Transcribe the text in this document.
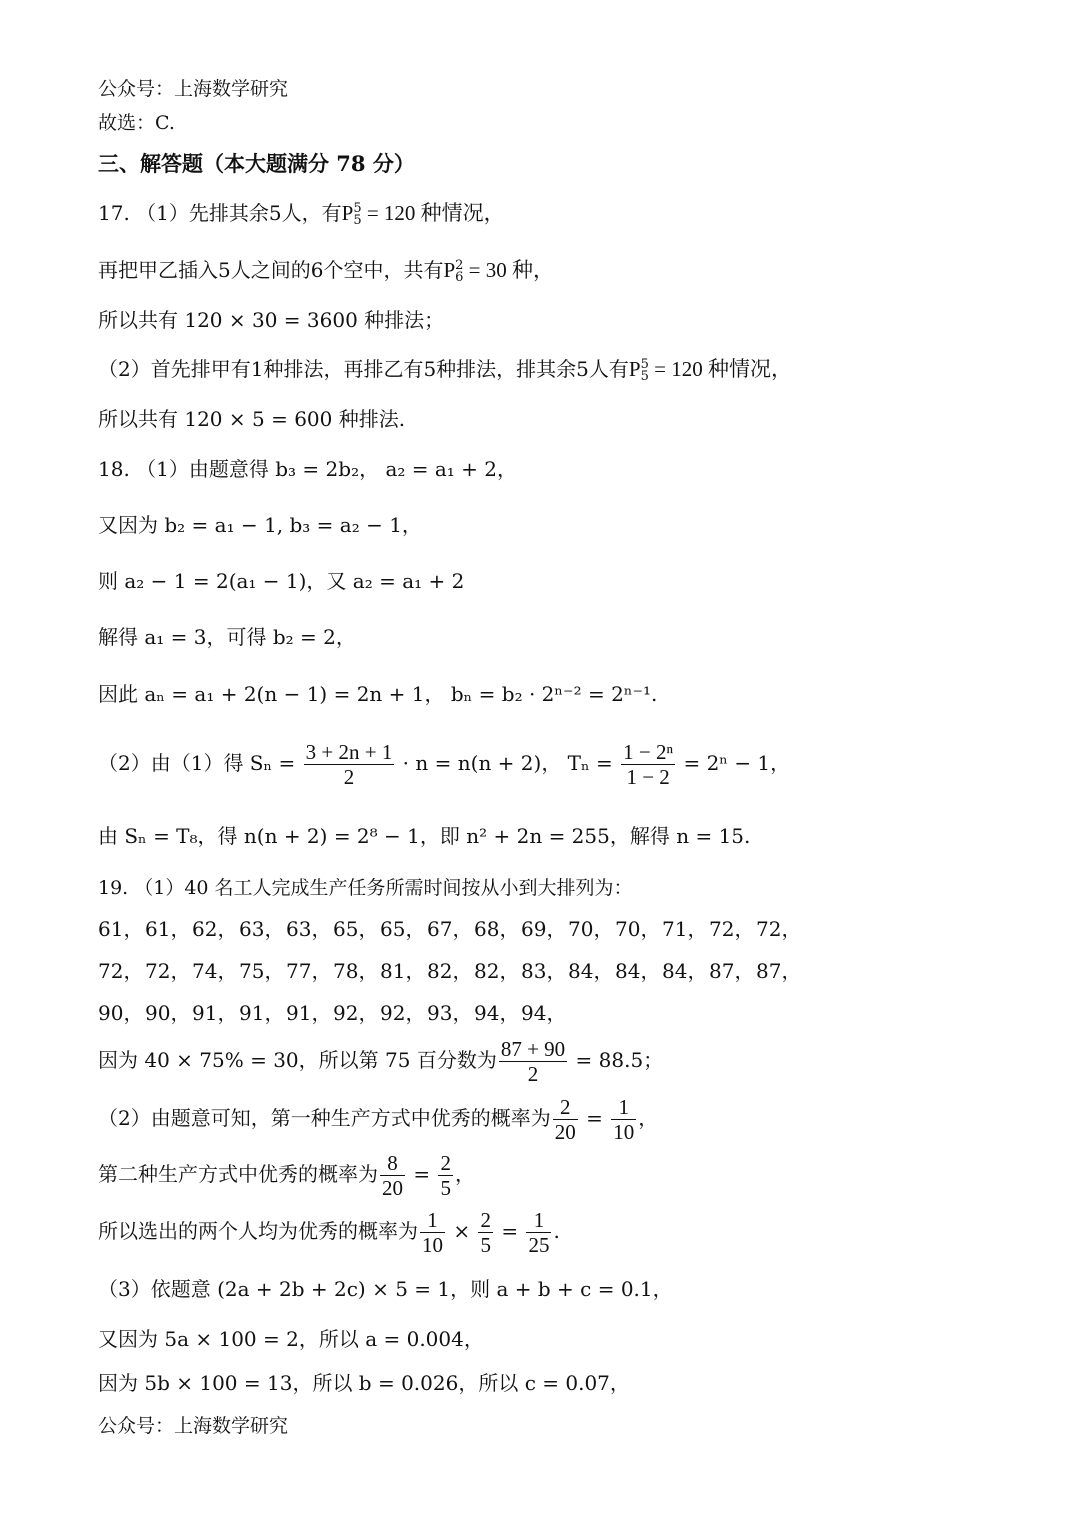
公众号：上海数学研究
故选：C.
三、解答题（本大题满分 78 分）
17. （1）先排其余5人，有P 5
5 = 120 种情况，
再把甲乙插入5人之间的6个空中，共有P 2
6 = 30 种，
所以共有 120 × 30 = 3600 种排法；
（2）首先排甲有1种排法，再排乙有5种排法，排其余5人有P 5
5 = 120 种情况，
所以共有 120 × 5 = 600 种排法.
18. （1）由题意得 b₃ = 2b₂， a₂ = a₁ + 2，
又因为 b₂ = a₁ − 1, b₃ = a₂ − 1，
则 a₂ − 1 = 2(a₁ − 1)，又 a₂ = a₁ + 2
解得 a₁ = 3，可得 b₂ = 2，
因此 aₙ = a₁ + 2(n − 1) = 2n + 1， bₙ = b₂ · 2ⁿ⁻² = 2ⁿ⁻¹.
（2）由（1）得 $S_n = \frac{3 + 2n + 1}{2} \cdot n = n(n + 2)$， $T_n = \frac{\text{1 − 2ⁿ}}{1 - 2} = 2^n - 1$，
由 Sₙ = T₈，得 n(n + 2) = 2⁸ − 1，即 n² + 2n = 255，解得 n = 15.
19. （1）40 名工人完成生产任务所需时间按从小到大排列为：
61，61，62，63，63，65，65，67，68，69，70，70，71，72，72，
72，72，74，75，77，78，81，82，82，83，84，84，84，87，87，
90，90，91，91，91，92，92，93，94，94，
因为 40 × 75% = 30，所以第 75 百分数为 $\frac{87 + 90}{2} = 88.5$；
（2）由题意可知，第一种生产方式中优秀的概率为 $\frac{2}{20} = \frac{1}{10}$ ，
第二种生产方式中优秀的概率为 $\frac{8}{20} = \frac{2}{5}$ ，
所以选出的两个人均为优秀的概率为 $\frac{1}{10} \times \frac{2}{5} = \frac{1}{25}$ .
（3）依题意 (2a + 2b + 2c) × 5 = 1，则 a + b + c = 0.1，
又因为 5a × 100 = 2，所以 a = 0.004，
因为 5b × 100 = 13，所以 b = 0.026，所以 c = 0.07，
公众号：上海数学研究
